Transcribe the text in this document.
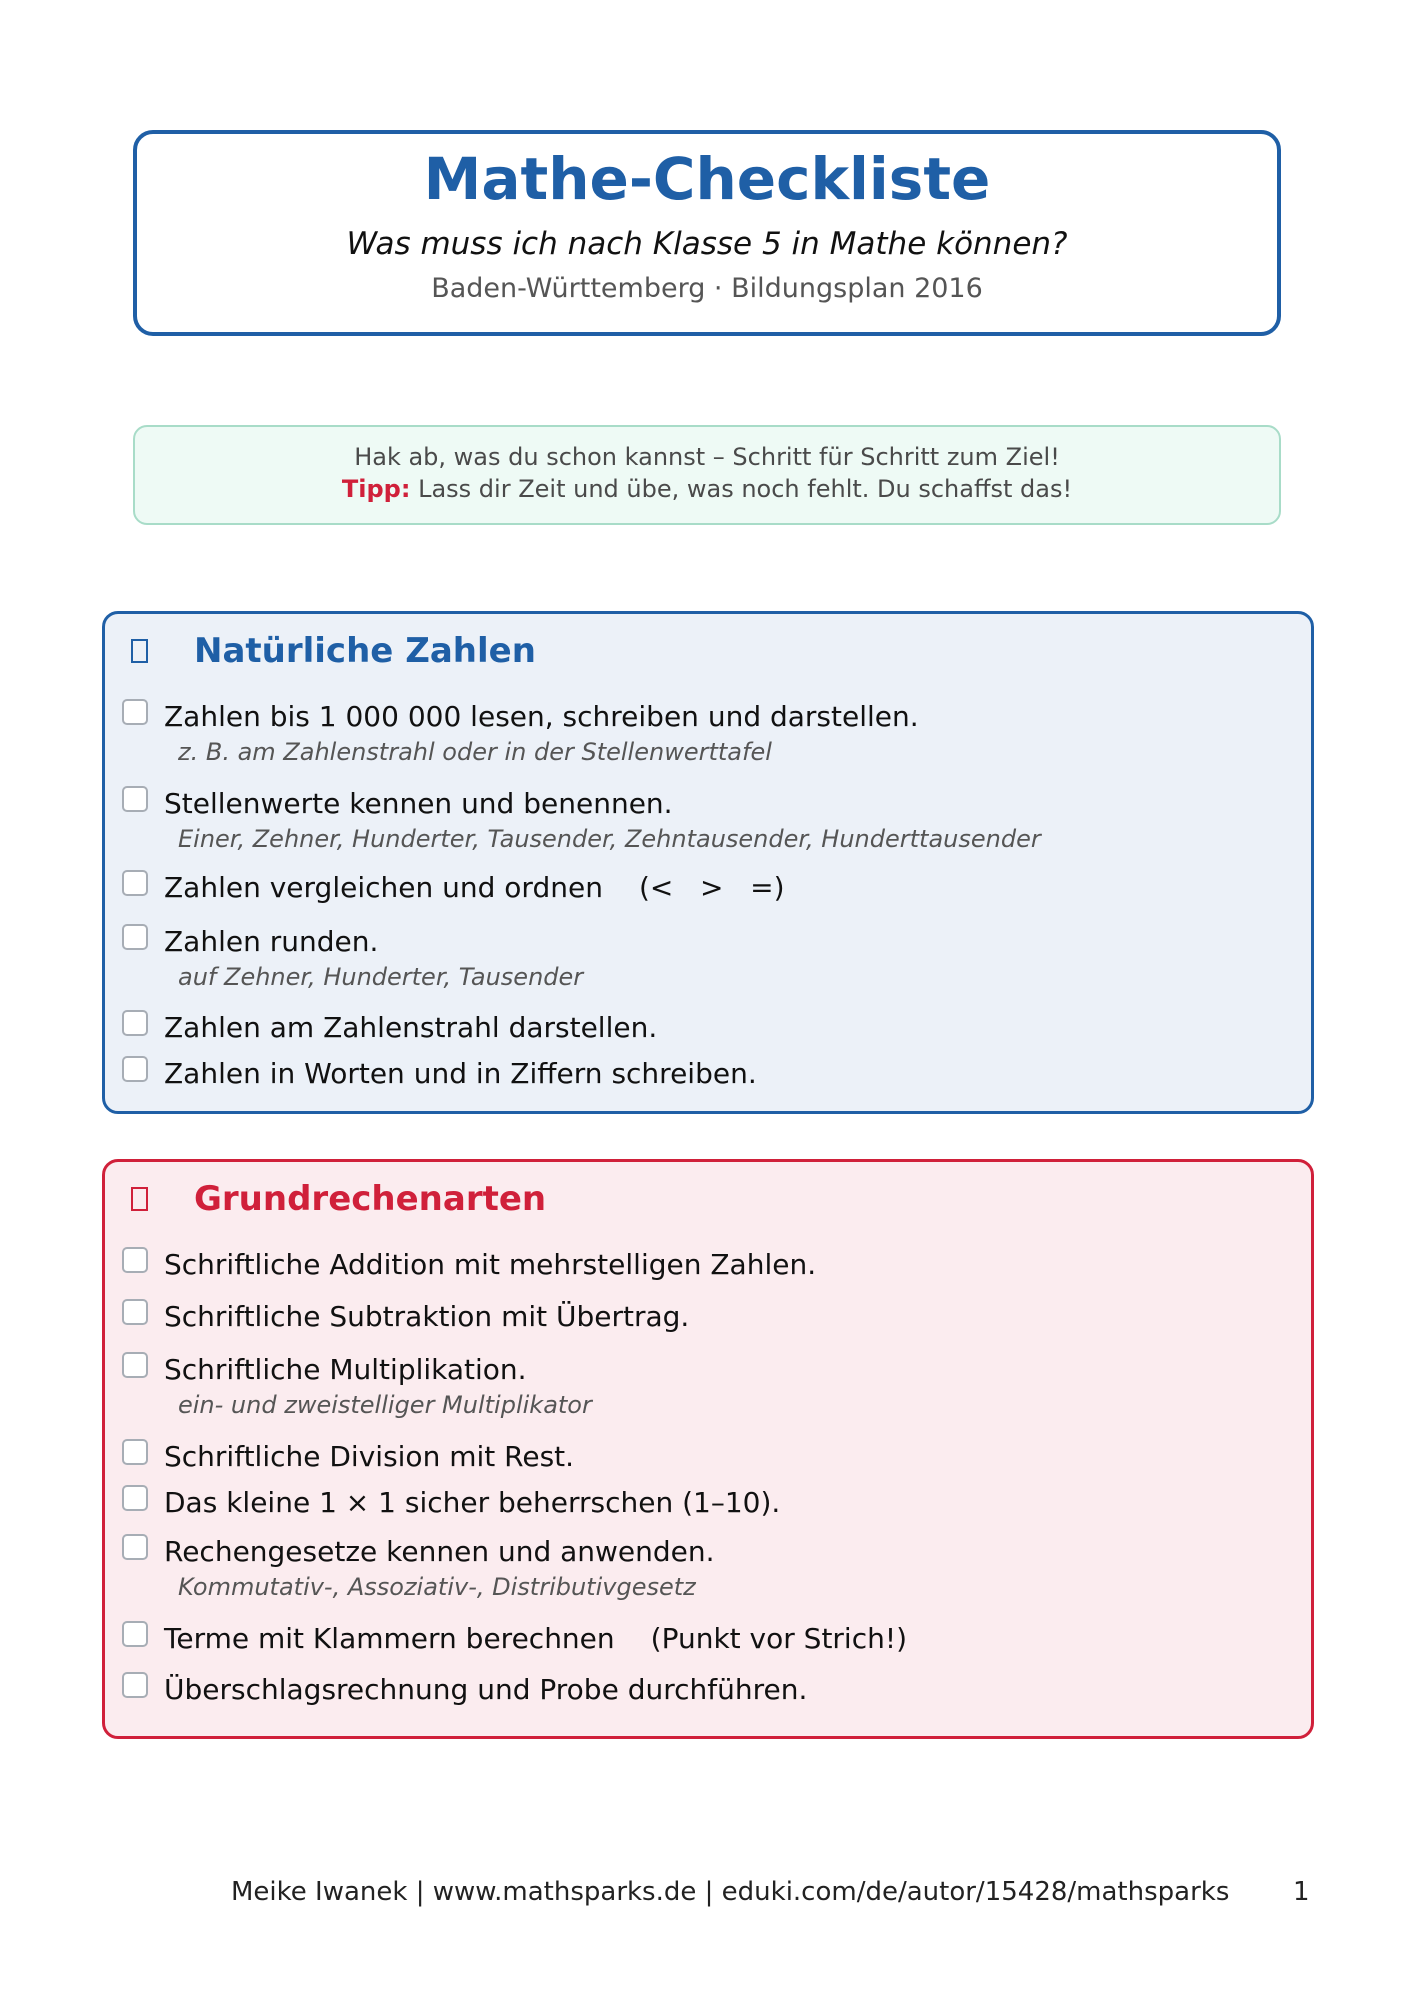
Mathe-Checkliste
Was muss ich nach Klasse 5 in Mathe können?
Baden-Württemberg · Bildungsplan 2016
Hak ab, was du schon kannst – Schritt für Schritt zum Ziel!
Tipp: Lass dir Zeit und übe, was noch fehlt. Du schaffst das!
Natürliche Zahlen
Zahlen bis 1 000 000 lesen, schreiben und darstellen.
z. B. am Zahlenstrahl oder in der Stellenwerttafel
Stellenwerte kennen und benennen.
Einer, Zehner, Hunderter, Tausender, Zehntausender, Hunderttausender
Zahlen vergleichen und ordnen (<   >   =)
Zahlen runden.
auf Zehner, Hunderter, Tausender
Zahlen am Zahlenstrahl darstellen.
Zahlen in Worten und in Ziffern schreiben.
Grundrechenarten
Schriftliche Addition mit mehrstelligen Zahlen.
Schriftliche Subtraktion mit Übertrag.
Schriftliche Multiplikation.
ein- und zweistelliger Multiplikator
Schriftliche Division mit Rest.
Das kleine 1 × 1 sicher beherrschen (1–10).
Rechengesetze kennen und anwenden.
Kommutativ-, Assoziativ-, Distributivgesetz
Terme mit Klammern berechnen (Punkt vor Strich!)
Überschlagsrechnung und Probe durchführen.
Meike Iwanek | www.mathsparks.de | eduki.com/de/autor/15428/mathsparks 1
